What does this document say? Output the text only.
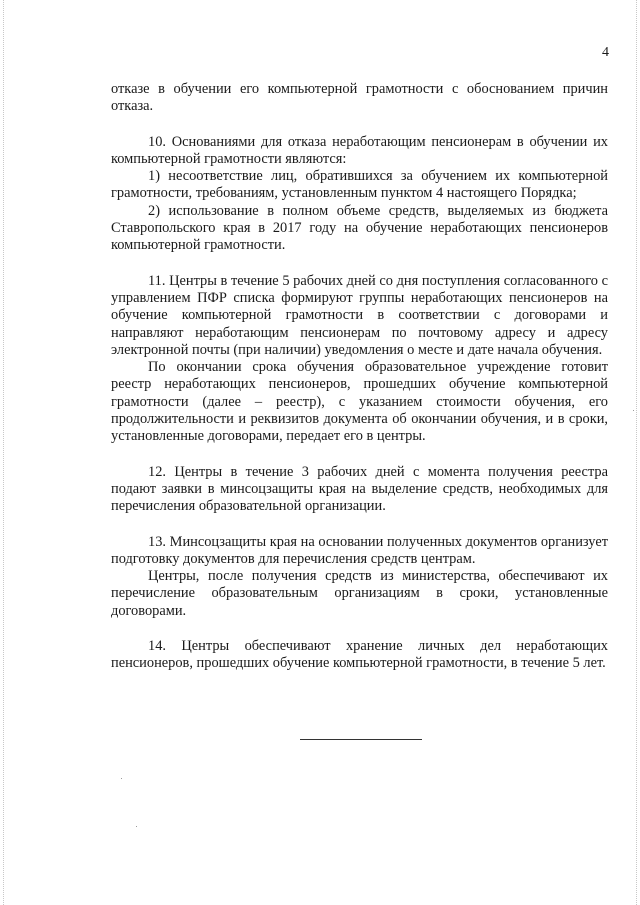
4

отказе в обучении его компьютерной грамотности с обоснованием причин отказа.

10. Основаниями для отказа неработающим пенсионерам в обучении их компьютерной грамотности являются:

1) несоответствие лиц, обратившихся за обучением их компьютерной грамотности, требованиям, установленным пунктом 4 настоящего Порядка;

2) использование в полном объеме средств, выделяемых из бюджета Ставропольского края в 2017 году на обучение неработающих пенсионеров компьютерной грамотности.

11. Центры в течение 5 рабочих дней со дня поступления согласованного с управлением ПФР списка формируют группы неработающих пенсионеров на обучение компьютерной грамотности в соответствии с договорами и направляют неработающим пенсионерам по почтовому адресу и адресу электронной почты (при наличии) уведомления о месте и дате начала обучения.

По окончании срока обучения образовательное учреждение готовит реестр неработающих пенсионеров, прошедших обучение компьютерной грамотности (далее – реестр), с указанием стоимости обучения, его продолжительности и реквизитов документа об окончании обучения, и в сроки, установленные договорами, передает его в центры.

12. Центры в течение 3 рабочих дней с момента получения реестра подают заявки в минсоцзащиты края на выделение средств, необходимых для перечисления образовательной организации.

13. Минсоцзащиты края на основании полученных документов организует подготовку документов для перечисления средств центрам.

Центры, после получения средств из министерства, обеспечивают их перечисление образовательным организациям в сроки, установленные договорами.

14. Центры обеспечивают хранение личных дел неработающих пенсионеров, прошедших обучение компьютерной грамотности, в течение 5 лет.
